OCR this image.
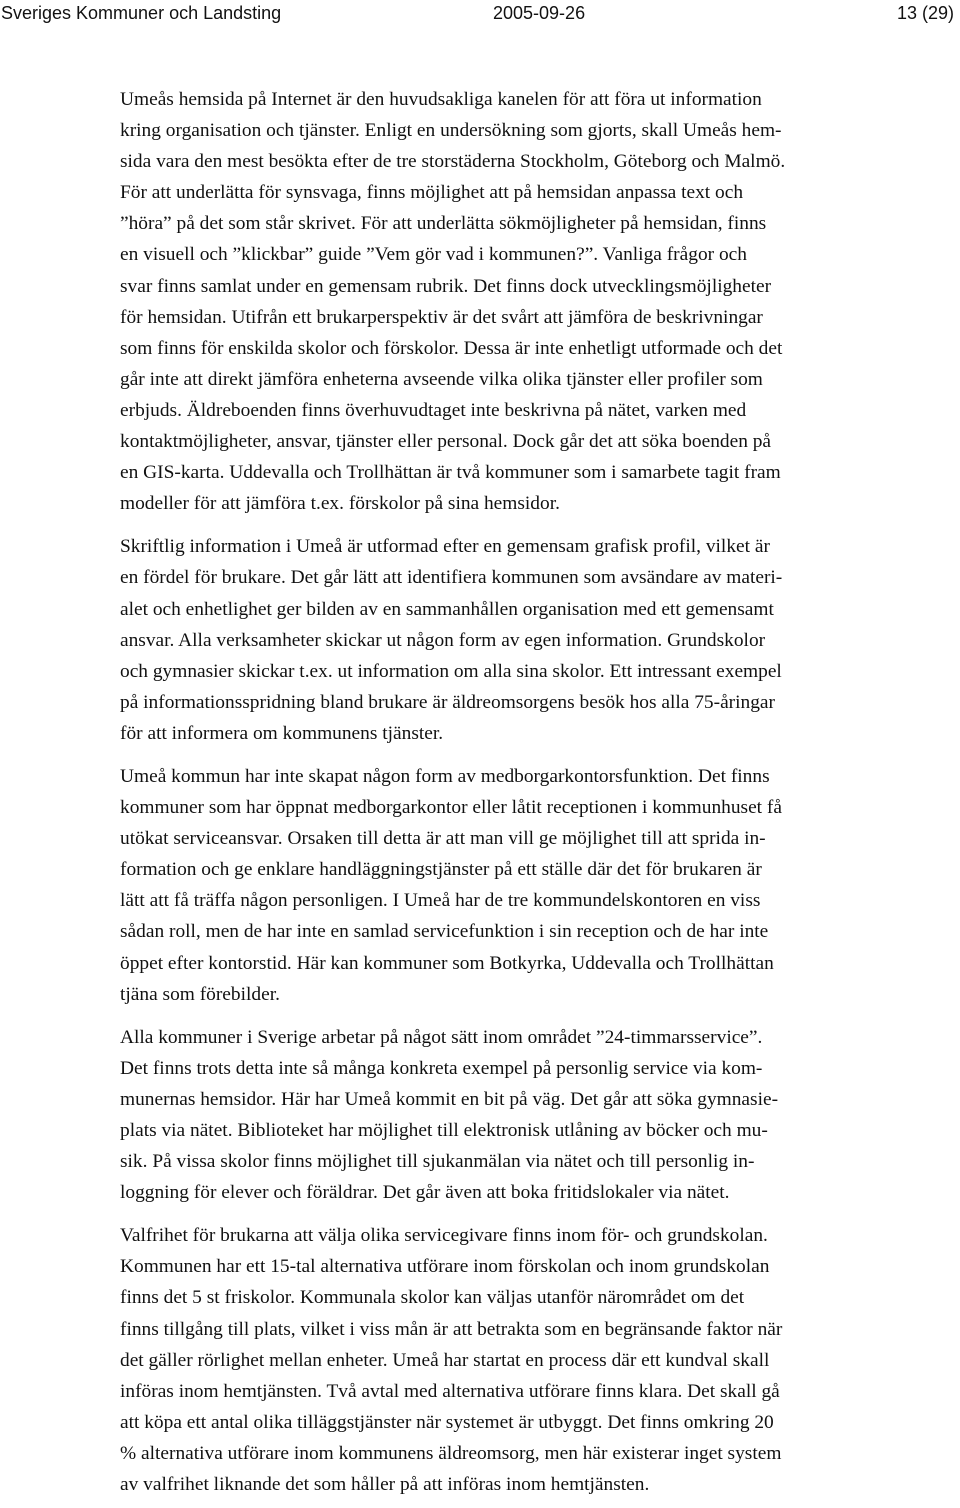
Sveriges Kommuner och Landsting	2005-09-26	13 (29)

Umeås hemsida på Internet är den huvudsakliga kanelen för att föra ut information
kring organisation och tjänster. Enligt en undersökning som gjorts, skall Umeås hem-
sida vara den mest besökta efter de tre storstäderna Stockholm, Göteborg och Malmö.
För att underlätta för synsvaga, finns möjlighet att på hemsidan anpassa text och
”höra” på det som står skrivet. För att underlätta sökmöjligheter på hemsidan, finns
en visuell och ”klickbar” guide ”Vem gör vad i kommunen?”. Vanliga frågor och
svar finns samlat under en gemensam rubrik. Det finns dock utvecklingsmöjligheter
för hemsidan. Utifrån ett brukarperspektiv är det svårt att jämföra de beskrivningar
som finns för enskilda skolor och förskolor. Dessa är inte enhetligt utformade och det
går inte att direkt jämföra enheterna avseende vilka olika tjänster eller profiler som
erbjuds. Äldreboenden finns överhuvudtaget inte beskrivna på nätet, varken med
kontaktmöjligheter, ansvar, tjänster eller personal. Dock går det att söka boenden på
en GIS-karta. Uddevalla och Trollhättan är två kommuner som i samarbete tagit fram
modeller för att jämföra t.ex. förskolor på sina hemsidor.

Skriftlig information i Umeå är utformad efter en gemensam grafisk profil, vilket är
en fördel för brukare. Det går lätt att identifiera kommunen som avsändare av materi-
alet och enhetlighet ger bilden av en sammanhållen organisation med ett gemensamt
ansvar. Alla verksamheter skickar ut någon form av egen information. Grundskolor
och gymnasier skickar t.ex. ut information om alla sina skolor. Ett intressant exempel
på informationsspridning bland brukare är äldreomsorgens besök hos alla 75-åringar
för att informera om kommunens tjänster.

Umeå kommun har inte skapat någon form av medborgarkontorsfunktion. Det finns
kommuner som har öppnat medborgarkontor eller låtit receptionen i kommunhuset få
utökat serviceansvar. Orsaken till detta är att man vill ge möjlighet till att sprida in-
formation och ge enklare handläggningstjänster på ett ställe där det för brukaren är
lätt att få träffa någon personligen. I Umeå har de tre kommundelskontoren en viss
sådan roll, men de har inte en samlad servicefunktion i sin reception och de har inte
öppet efter kontorstid. Här kan kommuner som Botkyrka, Uddevalla och Trollhättan
tjäna som förebilder.

Alla kommuner i Sverige arbetar på något sätt inom området ”24-timmarsservice”.
Det finns trots detta inte så många konkreta exempel på personlig service via kom-
munernas hemsidor. Här har Umeå kommit en bit på väg. Det går att söka gymnasie-
plats via nätet. Biblioteket har möjlighet till elektronisk utlåning av böcker och mu-
sik. På vissa skolor finns möjlighet till sjukanmälan via nätet och till personlig in-
loggning för elever och föräldrar. Det går även att boka fritidslokaler via nätet.

Valfrihet för brukarna att välja olika servicegivare finns inom för- och grundskolan.
Kommunen har ett 15-tal alternativa utförare inom förskolan och inom grundskolan
finns det 5 st friskolor. Kommunala skolor kan väljas utanför närområdet om det
finns tillgång till plats, vilket i viss mån är att betrakta som en begränsande faktor när
det gäller rörlighet mellan enheter. Umeå har startat en process där ett kundval skall
införas inom hemtjänsten. Två avtal med alternativa utförare finns klara. Det skall gå
att köpa ett antal olika tilläggstjänster när systemet är utbyggt. Det finns omkring 20
% alternativa utförare inom kommunens äldreomsorg, men här existerar inget system
av valfrihet liknande det som håller på att införas inom hemtjänsten.
